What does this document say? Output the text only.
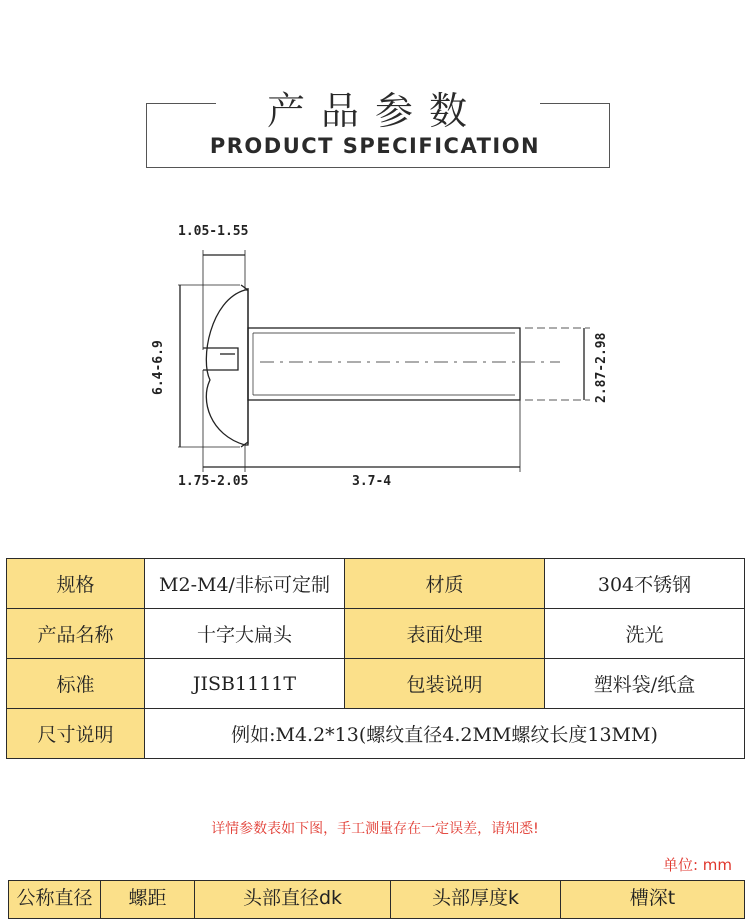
产品参数
PRODUCT SPECIFICATION
1.05-1.55
6.4-6.9	2.87-2.98
1.75-2.05	3.7-4
规格	M2-M4/非标可定制	材质	304不锈钢
产品名称	十字大扁头	表面处理	洗光
标准	JISB1111T	包装说明	塑料袋/纸盒
尺寸说明	例如:M4.2*13(螺纹直径4.2MM螺纹长度13MM)		
详情参数表如下图，手工测量存在一定误差，请知悉!
单位: mm
公称直径	螺距	头部直径dk	头部厚度k	槽深t
